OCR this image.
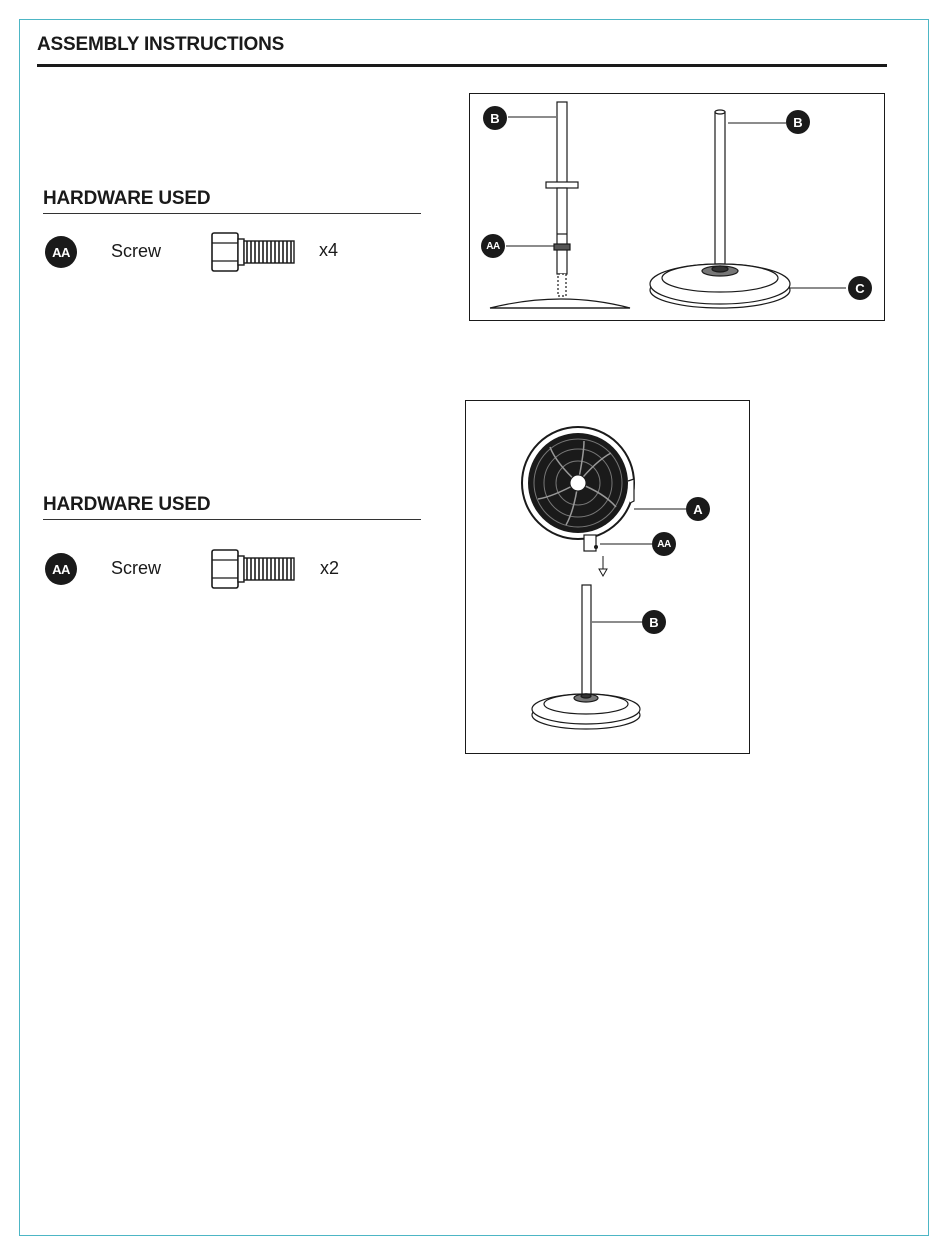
ASSEMBLY INSTRUCTIONS
HARDWARE USED
AA	Screw	x4
B
AA
B
C
HARDWARE USED
AA	Screw	x2
A
AA
B
